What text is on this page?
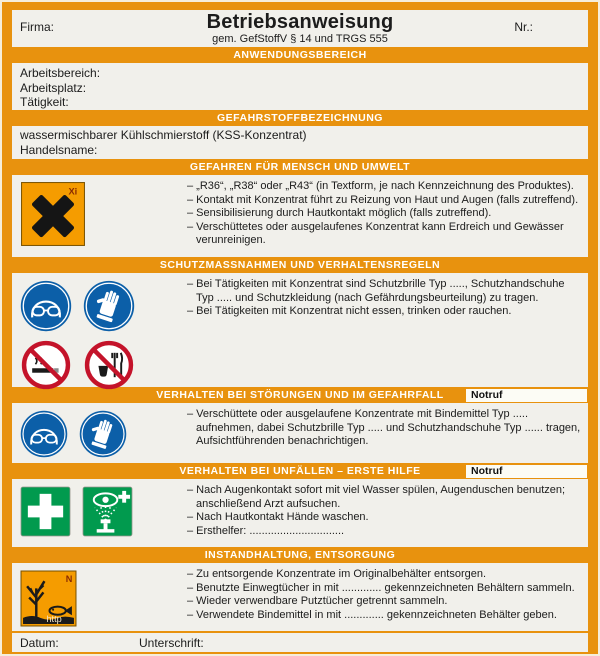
Firma:	Betriebsanweisung
gem. GefStoffV § 14 und TRGS 555
Nr.:
ANWENDUNGSBEREICH
Arbeitsbereich:
Arbeitsplatz:
Tätigkeit:
GEFAHRSTOFFBEZEICHNUNG
wassermischbarer Kühlschmierstoff (KSS-Konzentrat)
Handelsname:
GEFAHREN FÜR MENSCH UND UMWELT
Xi	– „R36“, „R38“ oder „R43“ (in Textform, je nach Kennzeichnung des Produktes).
– Kontakt mit Konzentrat führt zu Reizung von Haut und Augen (falls zutreffend).
– Sensibilisierung durch Hautkontakt möglich (falls zutreffend).
– Verschüttetes oder ausgelaufenes Konzentrat kann Erdreich und Gewässer verunreinigen.
SCHUTZMASSNAHMEN UND VERHALTENSREGELN
– Bei Tätigkeiten mit Konzentrat sind Schutzbrille Typ ....., Schutzhandschuhe Typ ..... und Schutzkleidung (nach Gefährdungsbeurteilung) zu tragen.
– Bei Tätigkeiten mit Konzentrat nicht essen, trinken oder rauchen.
VERHALTEN BEI STÖRUNGEN UND IM GEFAHRFALL	Notruf
– Verschüttete oder ausgelaufene Konzentrate mit Bindemittel Typ ..... aufnehmen, dabei Schutzbrille Typ ..... und Schutzhandschuhe Typ ...... tragen, Aufsichtführenden benachrichtigen.
VERHALTEN BEI UNFÄLLEN – ERSTE HILFE	Notruf
– Nach Augenkontakt sofort mit viel Wasser spülen, Augenduschen benutzen; anschließend Arzt aufsuchen.
– Nach Hautkontakt Hände waschen.
– Ersthelfer: ...............................
INSTANDHALTUNG, ENTSORGUNG
N
http
– Zu entsorgende Konzentrate im Originalbehälter entsorgen.
– Benutzte Einwegtücher in mit ............. gekennzeichneten Behältern sammeln.
– Wieder verwendbare Putztücher getrennt sammeln.
– Verwendete Bindemittel in mit ............. gekennzeichneten Behälter geben.
Datum:	Unterschrift:
